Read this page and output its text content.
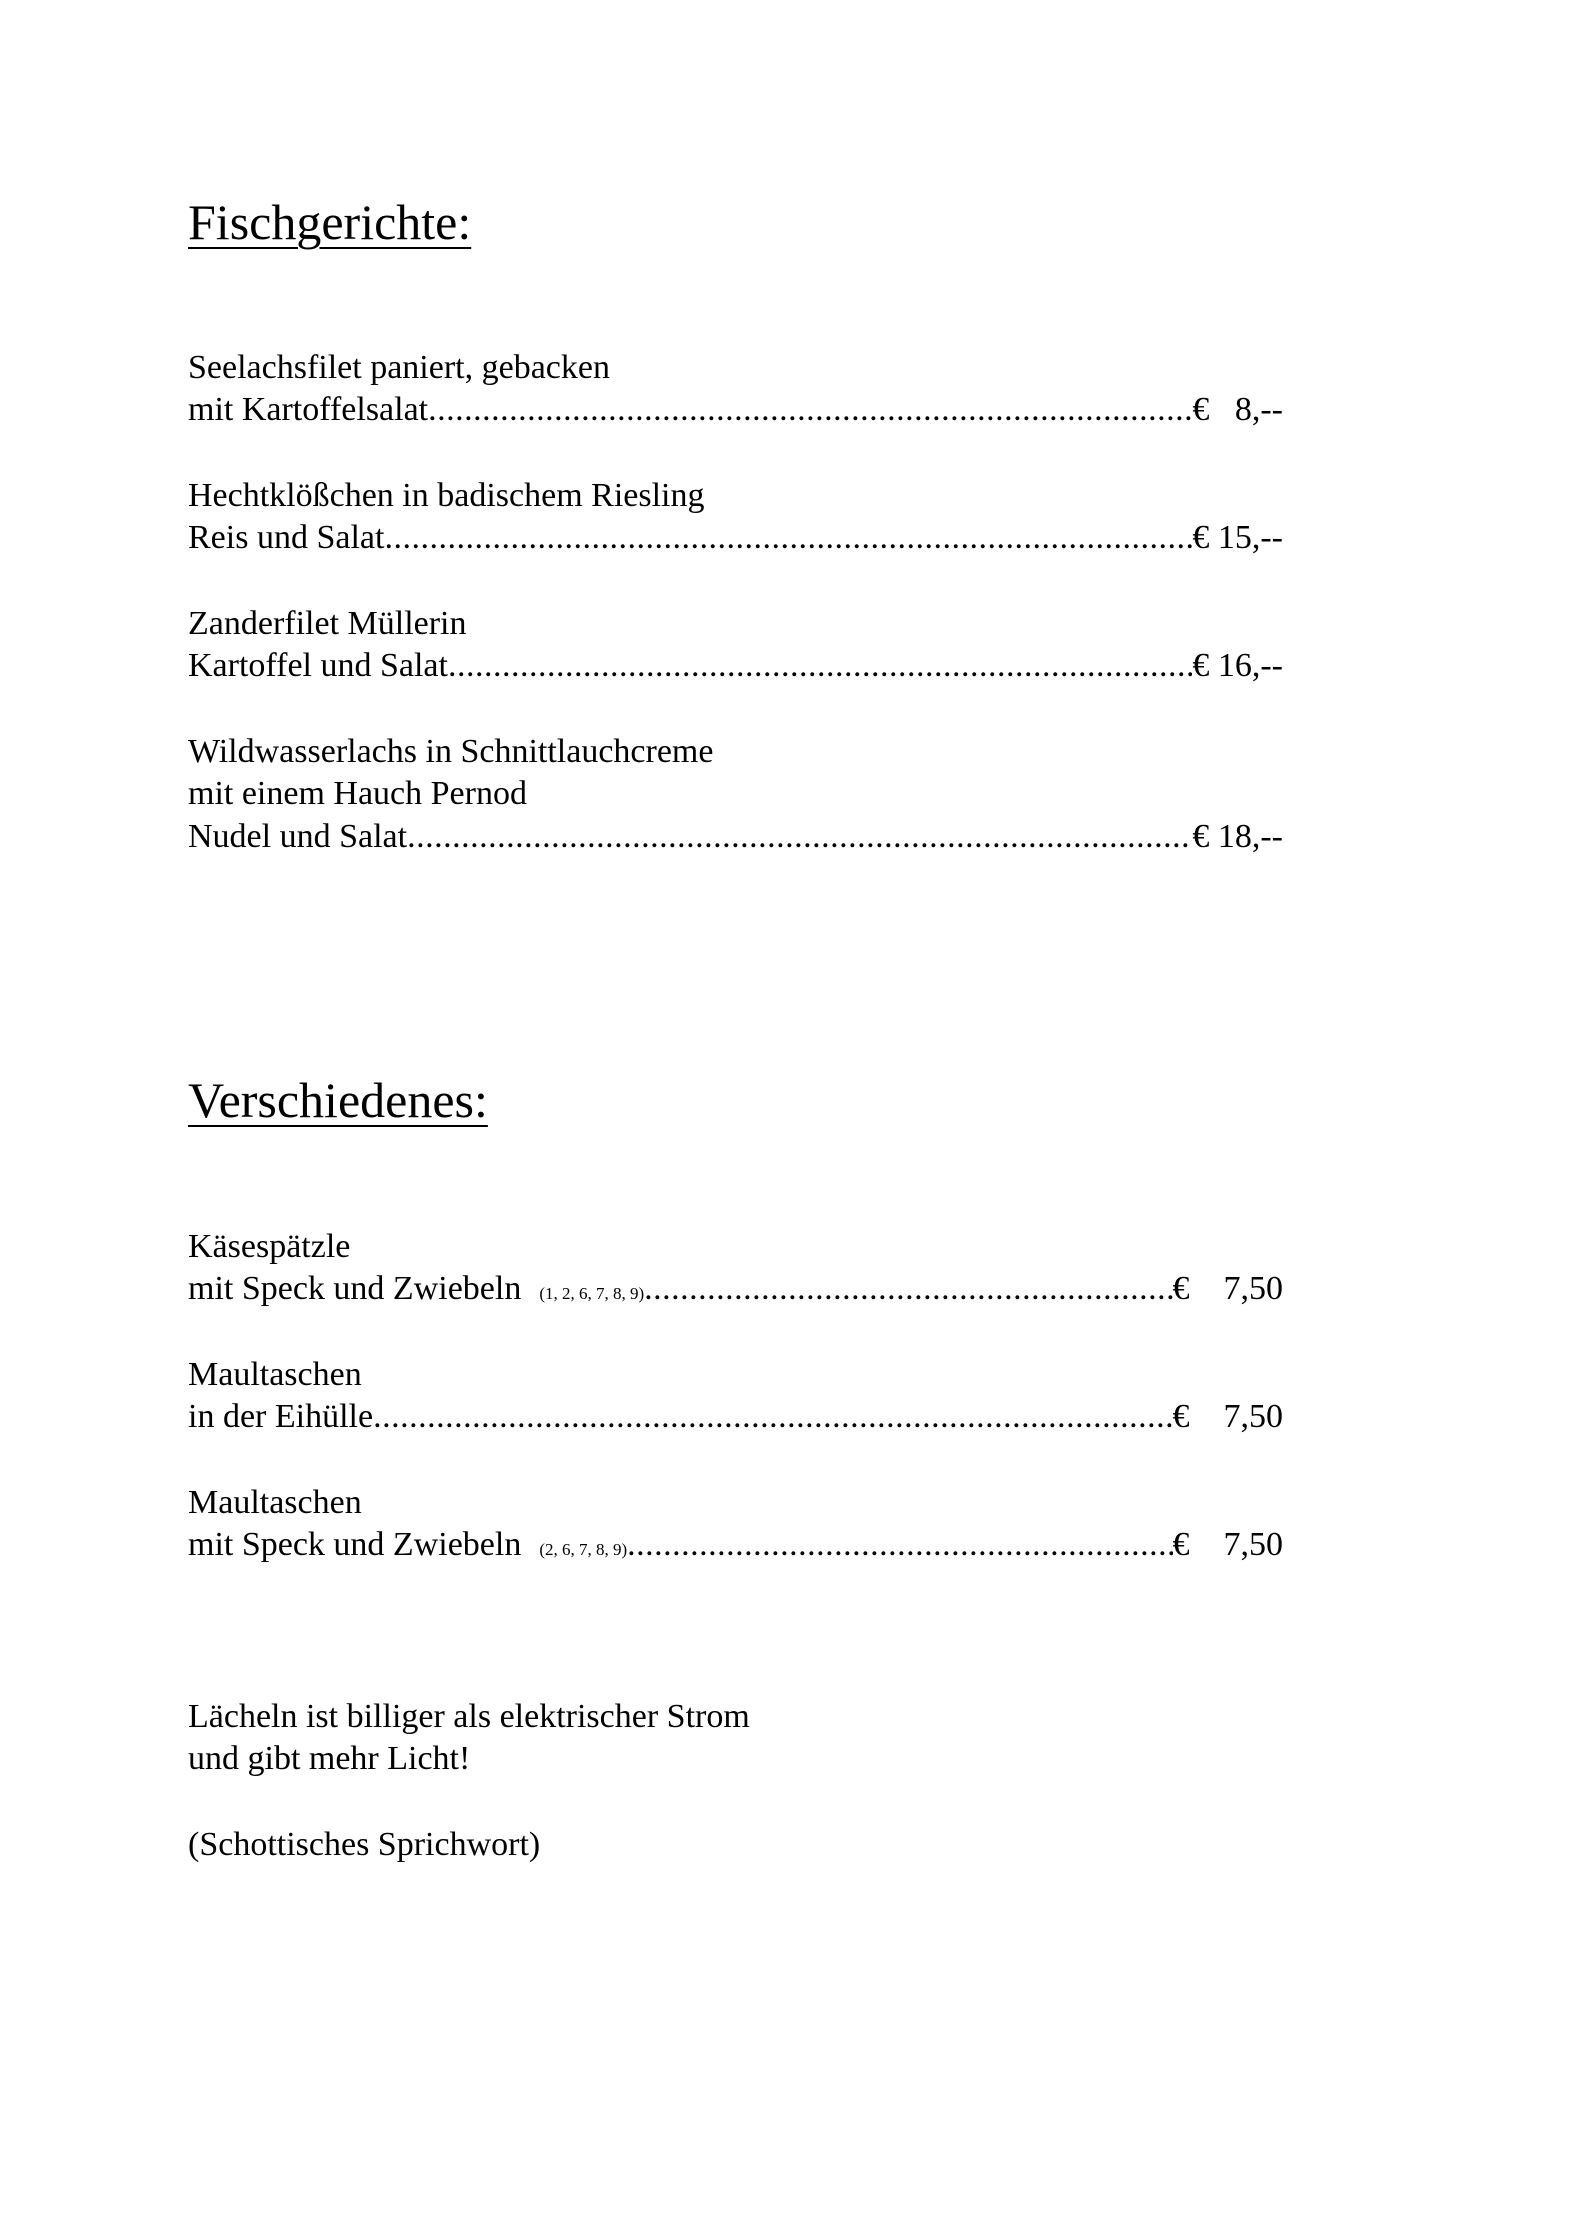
Fischgerichte:
Seelachsfilet paniert, gebacken
mit Kartoffelsalat .....	€   8,--
Hechtklößchen in badischem Riesling
Reis und Salat .....	€ 15,--
Zanderfilet Müllerin
Kartoffel und Salat .....	€ 16,--
Wildwasserlachs in Schnittlauchcreme
mit einem Hauch Pernod
Nudel und Salat .....	€ 18,--
Verschiedenes:
Käsespätzle
mit Speck und Zwiebeln (1, 2, 6, 7, 8, 9) .....	€    7,50
Maultaschen
in der Eihülle .....	€    7,50
Maultaschen
mit Speck und Zwiebeln (2, 6, 7, 8, 9) .....	€    7,50
Lächeln ist billiger als elektrischer Strom
und gibt mehr Licht!
(Schottisches Sprichwort)
